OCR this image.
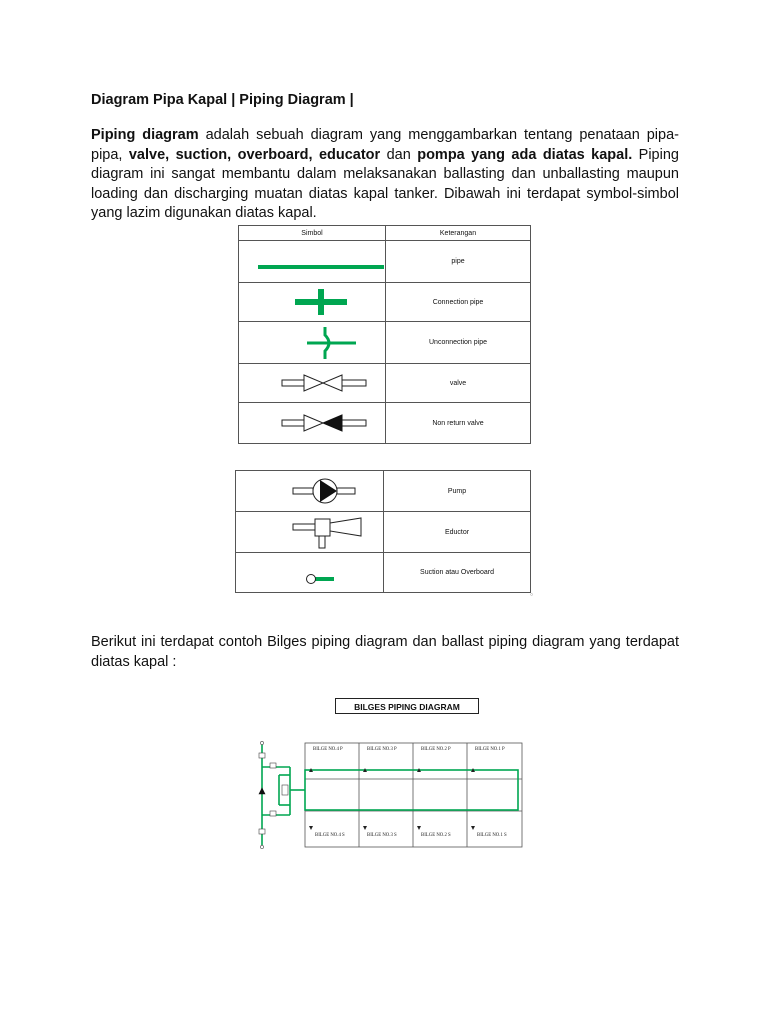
Diagram Pipa Kapal | Piping Diagram |

Piping diagram adalah sebuah diagram yang menggambarkan tentang penataan pipa-pipa, valve, suction, overboard, educator dan pompa yang ada diatas kapal. Piping diagram ini sangat membantu dalam melaksanakan ballasting dan unballasting maupun loading dan discharging muatan diatas kapal tanker. Dibawah ini terdapat symbol-simbol yang lazim digunakan diatas kapal.

Simbol	Keterangan

	pipe

	Connection pipe

	Unconnection pipe

	valve

	Non return valve
	Pump

	Eductor

	Suction atau Overboard
○

Berikut ini terdapat contoh Bilges piping diagram dan ballast piping diagram yang terdapat diatas kapal :

BILGES PIPING DIAGRAM
BILGE NO.4 P	BILGE NO.3 P	BILGE NO.2 P	BILGE NO.1 P
BILGE NO.4 S	BILGE NO.3 S	BILGE NO.2 S	BILGE NO.1 S
